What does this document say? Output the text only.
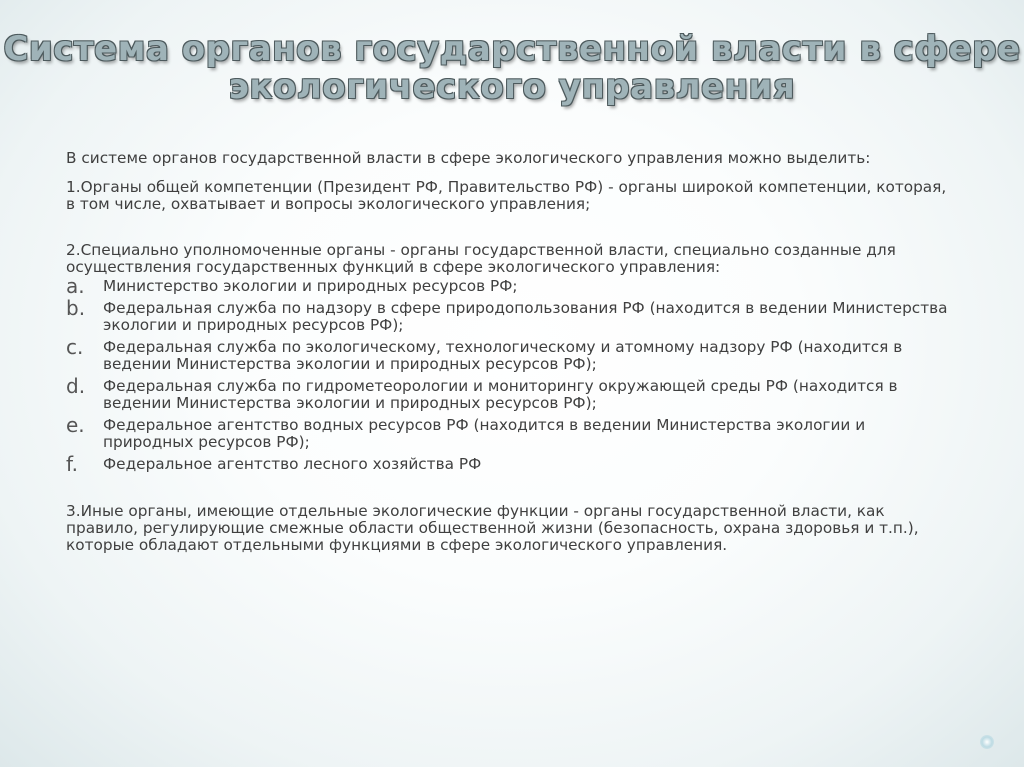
Система органов государственной власти в сфере
экологического управления

В системе органов государственной власти в сфере экологического управления можно выделить:

1.Органы общей компетенции (Президент РФ, Правительство РФ) - органы широкой компетенции, которая, в том числе, охватывает и вопросы экологического управления;

2.Специально уполномоченные органы - органы государственной власти, специально созданные для осуществления государственных функций в сфере экологического управления:

a.	Министерство экологии и природных ресурсов РФ;
b.	Федеральная служба по надзору в сфере природопользования РФ (находится в ведении Министерства экологии и природных ресурсов РФ);
c.	Федеральная служба по экологическому, технологическому и атомному надзору РФ (находится в ведении Министерства экологии и природных ресурсов РФ);
d.	Федеральная служба по гидрометеорологии и мониторингу окружающей среды РФ (находится в ведении Министерства экологии и природных ресурсов РФ);
e.	Федеральное агентство водных ресурсов РФ (находится в ведении Министерства экологии и природных ресурсов РФ);
f.	Федеральное агентство лесного хозяйства РФ

3.Иные органы, имеющие отдельные экологические функции - органы государственной власти, как правило, регулирующие смежные области общественной жизни (безопасность, охрана здоровья и т.п.), которые обладают отдельными функциями в сфере экологического управления.
